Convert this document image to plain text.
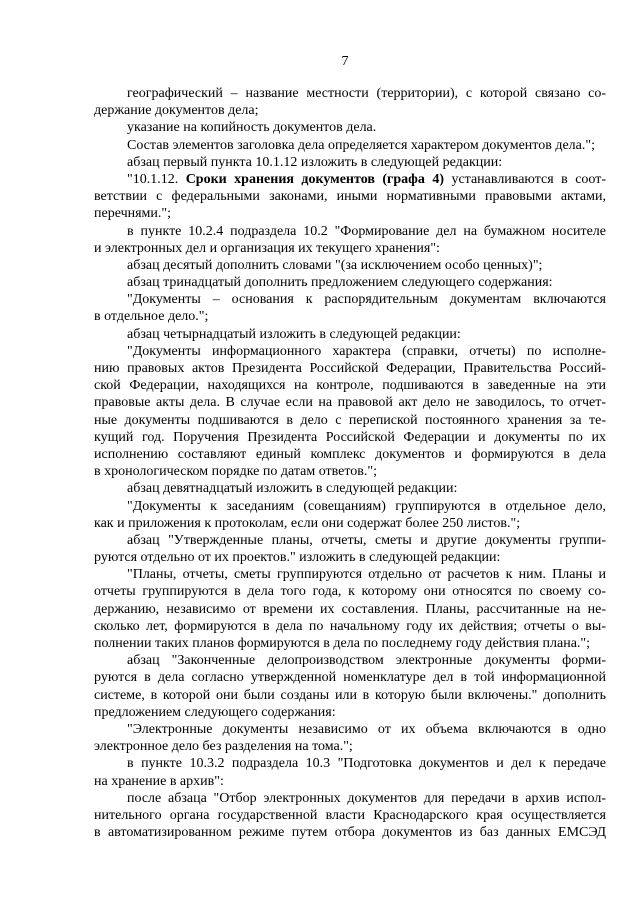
7
географический – название местности (территории), с которой связано со-
держание документов дела;
указание на копийность документов дела.
Состав элементов заголовка дела определяется характером документов дела.";
абзац первый пункта 10.1.12 изложить в следующей редакции:
"10.1.12. Сроки хранения документов (графа 4) устанавливаются в соот-
ветствии с федеральными законами, иными нормативными правовыми актами,
перечнями.";
в пункте 10.2.4 подраздела 10.2 "Формирование дел на бумажном носителе
и электронных дел и организация их текущего хранения":
абзац десятый дополнить словами "(за исключением особо ценных)";
абзац тринадцатый дополнить предложением следующего содержания:
"Документы – основания к распорядительным документам включаются
в отдельное дело.";
абзац четырнадцатый изложить в следующей редакции:
"Документы информационного характера (справки, отчеты) по исполне-
нию правовых актов Президента Российской Федерации, Правительства Россий-
ской Федерации, находящихся на контроле, подшиваются в заведенные на эти
правовые акты дела. В случае если на правовой акт дело не заводилось, то отчет-
ные документы подшиваются в дело с перепиской постоянного хранения за те-
кущий год. Поручения Президента Российской Федерации и документы по их
исполнению составляют единый комплекс документов и формируются в дела
в хронологическом порядке по датам ответов.";
абзац девятнадцатый изложить в следующей редакции:
"Документы к заседаниям (совещаниям) группируются в отдельное дело,
как и приложения к протоколам, если они содержат более 250 листов.";
абзац "Утвержденные планы, отчеты, сметы и другие документы группи-
руются отдельно от их проектов." изложить в следующей редакции:
"Планы, отчеты, сметы группируются отдельно от расчетов к ним. Планы и
отчеты группируются в дела того года, к которому они относятся по своему со-
держанию, независимо от времени их составления. Планы, рассчитанные на не-
сколько лет, формируются в дела по начальному году их действия; отчеты о вы-
полнении таких планов формируются в дела по последнему году действия плана.";
абзац "Законченные делопроизводством электронные документы форми-
руются в дела согласно утвержденной номенклатуре дел в той информационной
системе, в которой они были созданы или в которую были включены." дополнить
предложением следующего содержания:
"Электронные документы независимо от их объема включаются в одно
электронное дело без разделения на тома.";
в пункте 10.3.2 подраздела 10.3 "Подготовка документов и дел к передаче
на хранение в архив":
после абзаца "Отбор электронных документов для передачи в архив испол-
нительного органа государственной власти Краснодарского края осуществляется
в автоматизированном режиме путем отбора документов из баз данных ЕМСЭД
